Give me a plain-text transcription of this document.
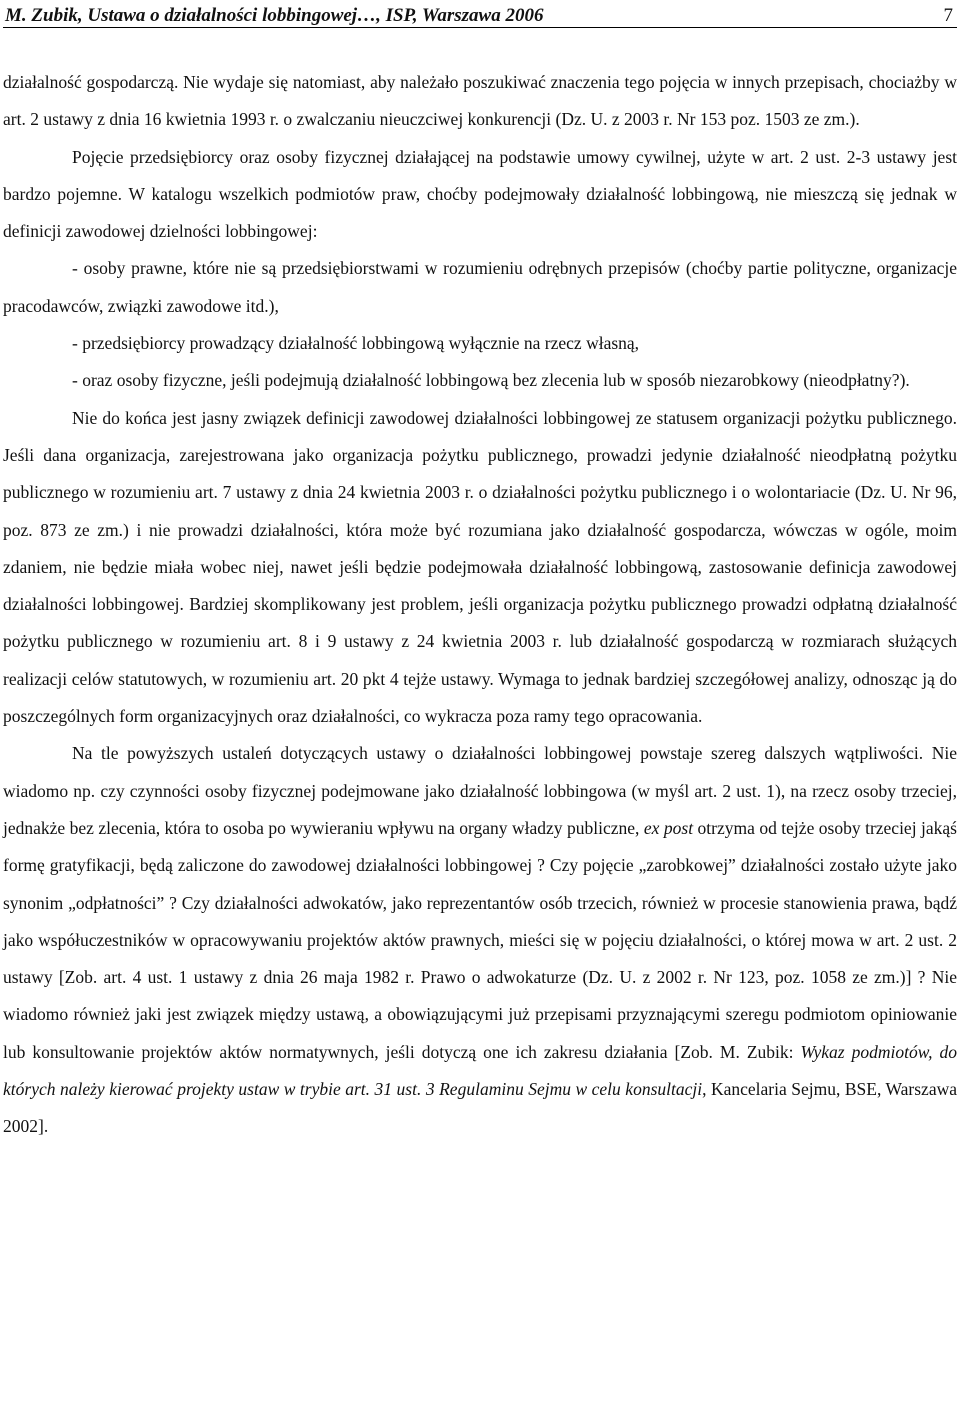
M. Zubik, Ustawa o działalności lobbingowej…, ISP, Warszawa 2006	7

działalność gospodarczą. Nie wydaje się natomiast, aby należało poszukiwać znaczenia tego pojęcia w innych przepisach, chociażby w art. 2 ustawy z dnia 16 kwietnia 1993 r. o zwalczaniu nieuczciwej konkurencji (Dz. U. z 2003 r. Nr 153 poz. 1503 ze zm.).

Pojęcie przedsiębiorcy oraz osoby fizycznej działającej na podstawie umowy cywilnej, użyte w art. 2 ust. 2-3 ustawy jest bardzo pojemne. W katalogu wszelkich podmiotów praw, choćby podejmowały działalność lobbingową, nie mieszczą się jednak w definicji zawodowej dzielności lobbingowej:

- osoby prawne, które nie są przedsiębiorstwami w rozumieniu odrębnych przepisów (choćby partie polityczne, organizacje pracodawców, związki zawodowe itd.),

- przedsiębiorcy prowadzący działalność lobbingową wyłącznie na rzecz własną,

- oraz osoby fizyczne, jeśli podejmują działalność lobbingową bez zlecenia lub w sposób niezarobkowy (nieodpłatny?).

Nie do końca jest jasny związek definicji zawodowej działalności lobbingowej ze statusem organizacji pożytku publicznego. Jeśli dana organizacja, zarejestrowana jako organizacja pożytku publicznego, prowadzi jedynie działalność nieodpłatną pożytku publicznego w rozumieniu art. 7 ustawy z dnia 24 kwietnia 2003 r. o działalności pożytku publicznego i o wolontariacie (Dz. U. Nr 96, poz. 873 ze zm.) i nie prowadzi działalności, która może być rozumiana jako działalność gospodarcza, wówczas w ogóle, moim zdaniem, nie będzie miała wobec niej, nawet jeśli będzie podejmowała działalność lobbingową, zastosowanie definicja zawodowej działalności lobbingowej. Bardziej skomplikowany jest problem, jeśli organizacja pożytku publicznego prowadzi odpłatną działalność pożytku publicznego w rozumieniu art. 8 i 9 ustawy z 24 kwietnia 2003 r. lub działalność gospodarczą w rozmiarach służących realizacji celów statutowych, w rozumieniu art. 20 pkt 4 tejże ustawy. Wymaga to jednak bardziej szczegółowej analizy, odnosząc ją do poszczególnych form organizacyjnych oraz działalności, co wykracza poza ramy tego opracowania.

Na tle powyższych ustaleń dotyczących ustawy o działalności lobbingowej powstaje szereg dalszych wątpliwości. Nie wiadomo np. czy czynności osoby fizycznej podejmowane jako działalność lobbingowa (w myśl art. 2 ust. 1), na rzecz osoby trzeciej, jednakże bez zlecenia, która to osoba po wywieraniu wpływu na organy władzy publiczne, ex post otrzyma od tejże osoby trzeciej jakąś formę gratyfikacji, będą zaliczone do zawodowej działalności lobbingowej ? Czy pojęcie „zarobkowej” działalności zostało użyte jako synonim „odpłatności” ? Czy działalności adwokatów, jako reprezentantów osób trzecich, również w procesie stanowienia prawa, bądź jako współuczestników w opracowywaniu projektów aktów prawnych, mieści się w pojęciu działalności, o której mowa w art. 2 ust. 2 ustawy [Zob. art. 4 ust. 1 ustawy z dnia 26 maja 1982 r. Prawo o adwokaturze (Dz. U. z 2002 r. Nr 123, poz. 1058 ze zm.)] ? Nie wiadomo również jaki jest związek między ustawą, a obowiązującymi już przepisami przyznającymi szeregu podmiotom opiniowanie lub konsultowanie projektów aktów normatywnych, jeśli dotyczą one ich zakresu działania [Zob. M. Zubik: Wykaz podmiotów, do których należy kierować projekty ustaw w trybie art. 31 ust. 3 Regulaminu Sejmu w celu konsultacji, Kancelaria Sejmu, BSE, Warszawa 2002].
